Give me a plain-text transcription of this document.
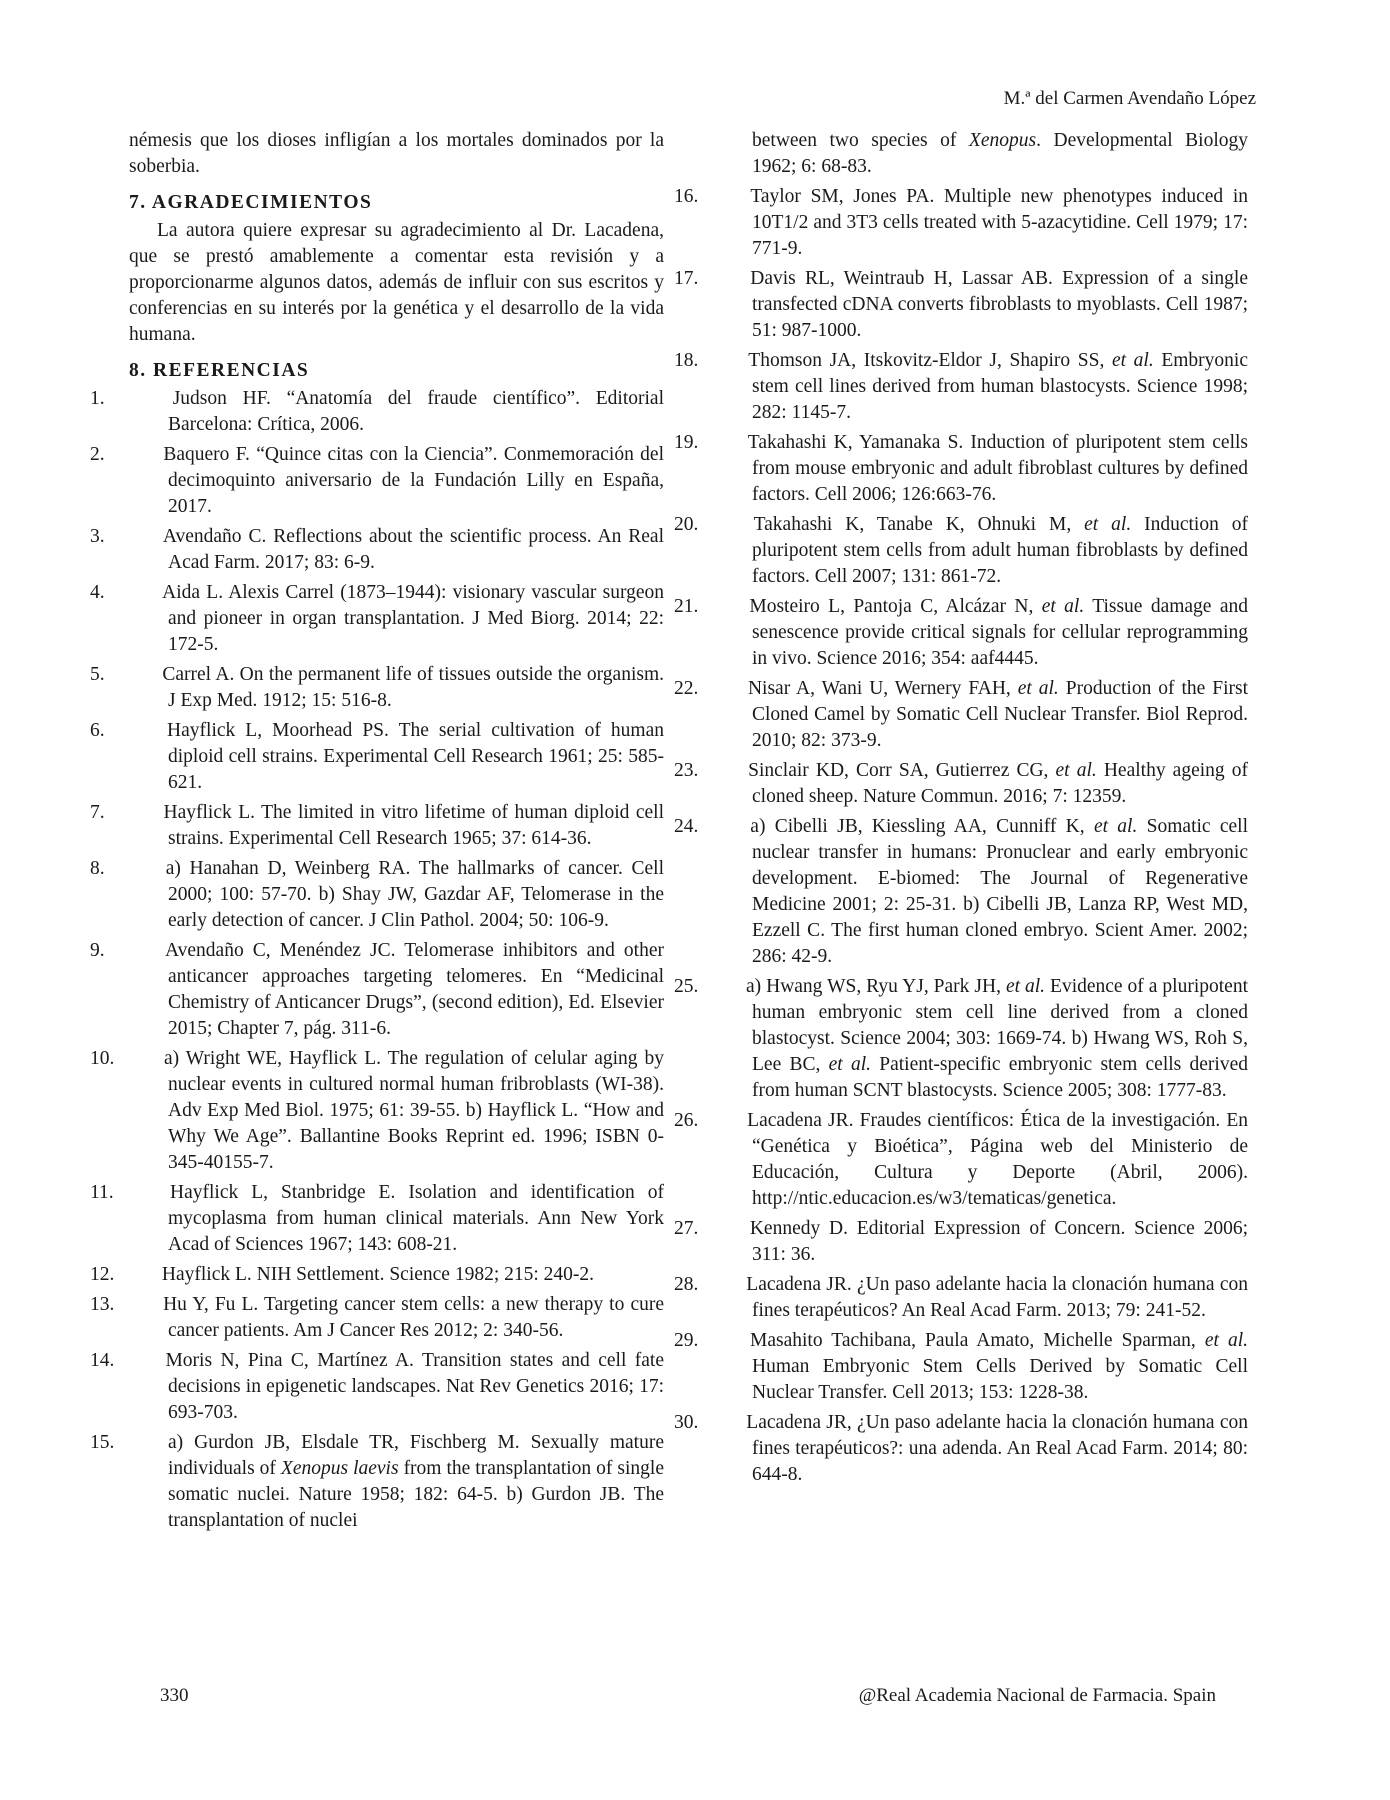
M.ª del Carmen Avendaño López

némesis que los dioses infligían a los mortales dominados por la soberbia.

7. AGRADECIMIENTOS

La autora quiere expresar su agradecimiento al Dr. Lacadena, que se prestó amablemente a comentar esta revisión y a proporcionarme algunos datos, además de influir con sus escritos y conferencias en su interés por la genética y el desarrollo de la vida humana.

8. REFERENCIAS

1.	Judson HF. “Anatomía del fraude científico”. Editorial Barcelona: Crítica, 2006.

2.	Baquero F. “Quince citas con la Ciencia”. Conmemoración del decimoquinto aniversario de la Fundación Lilly en España, 2017.

3.	Avendaño C. Reflections about the scientific process. An Real Acad Farm. 2017; 83: 6-9.

4.	Aida L. Alexis Carrel (1873–1944): visionary vascular surgeon and pioneer in organ transplantation. J Med Biorg. 2014; 22: 172-5.

5.	Carrel A. On the permanent life of tissues outside the organism. J Exp Med. 1912; 15: 516-8.

6.	Hayflick L, Moorhead PS. The serial cultivation of human diploid cell strains. Experimental Cell Research 1961; 25: 585-621.

7.	Hayflick L. The limited in vitro lifetime of human diploid cell strains. Experimental Cell Research 1965; 37: 614-36.

8.	a) Hanahan D, Weinberg RA. The hallmarks of cancer. Cell 2000; 100: 57-70. b) Shay JW, Gazdar AF, Telomerase in the early detection of cancer. J Clin Pathol. 2004; 50: 106-9.

9.	Avendaño C, Menéndez JC. Telomerase inhibitors and other anticancer approaches targeting telomeres. En “Medicinal Chemistry of Anticancer Drugs”, (second edition), Ed. Elsevier 2015; Chapter 7, pág. 311-6.

10.	a) Wright WE, Hayflick L. The regulation of celular aging by nuclear events in cultured normal human fribroblasts (WI-38). Adv Exp Med Biol. 1975; 61: 39-55. b) Hayflick L. “How and Why We Age”. Ballantine Books Reprint ed. 1996; ISBN 0-345-40155-7.

11.	Hayflick L, Stanbridge E. Isolation and identification of mycoplasma from human clinical materials. Ann New York Acad of Sciences 1967; 143: 608-21.

12. Hayflick L. NIH Settlement. Science 1982; 215: 240-2.

13. Hu Y, Fu L. Targeting cancer stem cells: a new therapy to cure cancer patients. Am J Cancer Res 2012; 2: 340-56.

14.	Moris N, Pina C, Martínez A. Transition states and cell fate decisions in epigenetic landscapes. Nat Rev Genetics 2016; 17: 693-703.

15.	a) Gurdon JB, Elsdale TR, Fischberg M. Sexually mature individuals of Xenopus laevis from the transplantation of single somatic nuclei. Nature 1958; 182: 64-5. b) Gurdon JB. The transplantation of nuclei

between two species of Xenopus. Developmental Biology 1962; 6: 68-83.

16.	Taylor SM, Jones PA. Multiple new phenotypes induced in 10T1/2 and 3T3 cells treated with 5-azacytidine. Cell 1979; 17: 771-9.

17.	Davis RL, Weintraub H, Lassar AB. Expression of a single transfected cDNA converts fibroblasts to myoblasts. Cell 1987; 51: 987-1000.

18.	Thomson JA, Itskovitz-Eldor J, Shapiro SS, et al. Embryonic stem cell lines derived from human blastocysts. Science 1998; 282: 1145-7.

19.	Takahashi K, Yamanaka S. Induction of pluripotent stem cells from mouse embryonic and adult fibroblast cultures by defined factors. Cell 2006; 126:663-76.

20.	Takahashi K, Tanabe K, Ohnuki M, et al. Induction of pluripotent stem cells from adult human fibroblasts by defined factors. Cell 2007; 131: 861-72.

21.	Mosteiro L, Pantoja C, Alcázar N, et al. Tissue damage and senescence provide critical signals for cellular reprogramming in vivo. Science 2016; 354: aaf4445.

22.	Nisar A, Wani U, Wernery FAH, et al. Production of the First Cloned Camel by Somatic Cell Nuclear Transfer. Biol Reprod. 2010; 82: 373-9.

23.	Sinclair KD, Corr SA, Gutierrez CG, et al. Healthy ageing of cloned sheep. Nature Commun. 2016; 7: 12359.

24.	a) Cibelli JB, Kiessling AA, Cunniff K, et al. Somatic cell nuclear transfer in humans: Pronuclear and early embryonic development. E-biomed: The Journal of Regenerative Medicine 2001; 2: 25-31. b) Cibelli JB, Lanza RP, West MD, Ezzell C. The first human cloned embryo. Scient Amer. 2002; 286: 42-9.

25. a) Hwang WS, Ryu YJ, Park JH, et al. Evidence of a pluripotent human embryonic stem cell line derived from a cloned blastocyst. Science 2004; 303: 1669-74. b) Hwang WS, Roh S, Lee BC, et al. Patient-specific embryonic stem cells derived from human SCNT blastocysts. Science 2005; 308: 1777-83.

26.	Lacadena JR. Fraudes científicos: Ética de la investigación. En “Genética y Bioética”, Página web del Ministerio de Educación, Cultura y Deporte (Abril, 2006). http://ntic.educacion.es/w3/tematicas/genetica.

27.	Kennedy D. Editorial Expression of Concern. Science 2006; 311: 36.

28. Lacadena JR. ¿Un paso adelante hacia la clonación humana con fines terapéuticos? An Real Acad Farm. 2013; 79: 241-52.

29.	Masahito Tachibana, Paula Amato, Michelle Sparman, et al. Human Embryonic Stem Cells Derived by Somatic Cell Nuclear Transfer. Cell 2013; 153: 1228-38.

30. Lacadena JR, ¿Un paso adelante hacia la clonación humana con fines terapéuticos?: una adenda. An Real Acad Farm. 2014; 80: 644-8.

330	@Real Academia Nacional de Farmacia. Spain
